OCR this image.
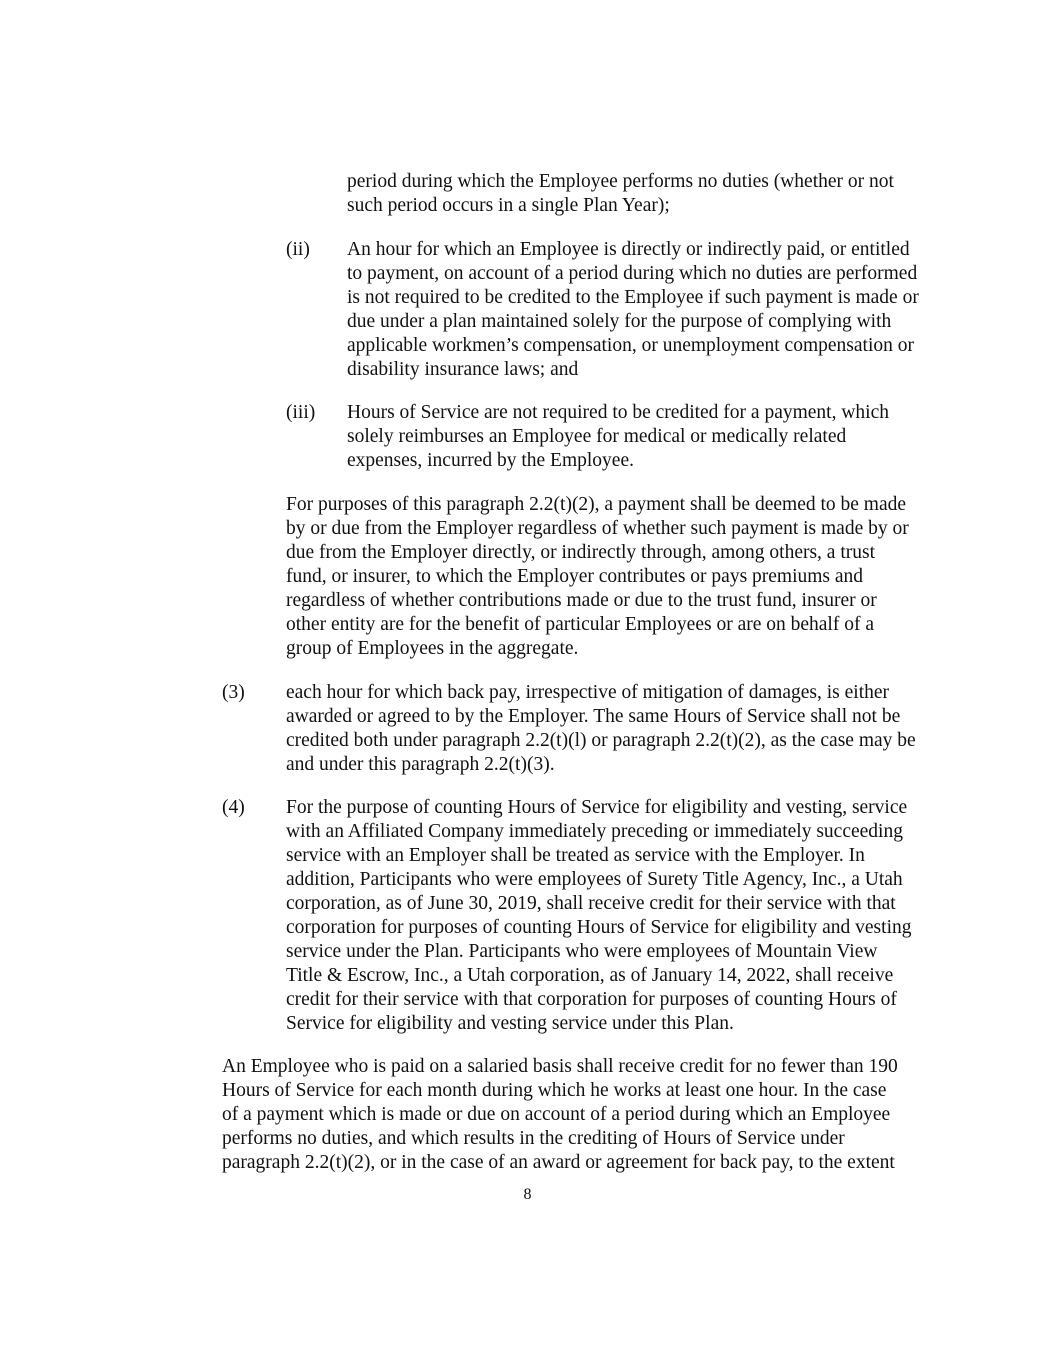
period during which the Employee performs no duties (whether or not
such period occurs in a single Plan Year);
(ii) An hour for which an Employee is directly or indirectly paid, or entitled
to payment, on account of a period during which no duties are performed
is not required to be credited to the Employee if such payment is made or
due under a plan maintained solely for the purpose of complying with
applicable workmen’s compensation, or unemployment compensation or
disability insurance laws; and
(iii) Hours of Service are not required to be credited for a payment, which
solely reimburses an Employee for medical or medically related
expenses, incurred by the Employee.
For purposes of this paragraph 2.2(t)(2), a payment shall be deemed to be made
by or due from the Employer regardless of whether such payment is made by or
due from the Employer directly, or indirectly through, among others, a trust
fund, or insurer, to which the Employer contributes or pays premiums and
regardless of whether contributions made or due to the trust fund, insurer or
other entity are for the benefit of particular Employees or are on behalf of a
group of Employees in the aggregate.
(3) each hour for which back pay, irrespective of mitigation of damages, is either
awarded or agreed to by the Employer. The same Hours of Service shall not be
credited both under paragraph 2.2(t)(l) or paragraph 2.2(t)(2), as the case may be
and under this paragraph 2.2(t)(3).
(4) For the purpose of counting Hours of Service for eligibility and vesting, service
with an Affiliated Company immediately preceding or immediately succeeding
service with an Employer shall be treated as service with the Employer. In
addition, Participants who were employees of Surety Title Agency, Inc., a Utah
corporation, as of June 30, 2019, shall receive credit for their service with that
corporation for purposes of counting Hours of Service for eligibility and vesting
service under the Plan. Participants who were employees of Mountain View
Title & Escrow, Inc., a Utah corporation, as of January 14, 2022, shall receive
credit for their service with that corporation for purposes of counting Hours of
Service for eligibility and vesting service under this Plan.
An Employee who is paid on a salaried basis shall receive credit for no fewer than 190
Hours of Service for each month during which he works at least one hour. In the case
of a payment which is made or due on account of a period during which an Employee
performs no duties, and which results in the crediting of Hours of Service under
paragraph 2.2(t)(2), or in the case of an award or agreement for back pay, to the extent
8
